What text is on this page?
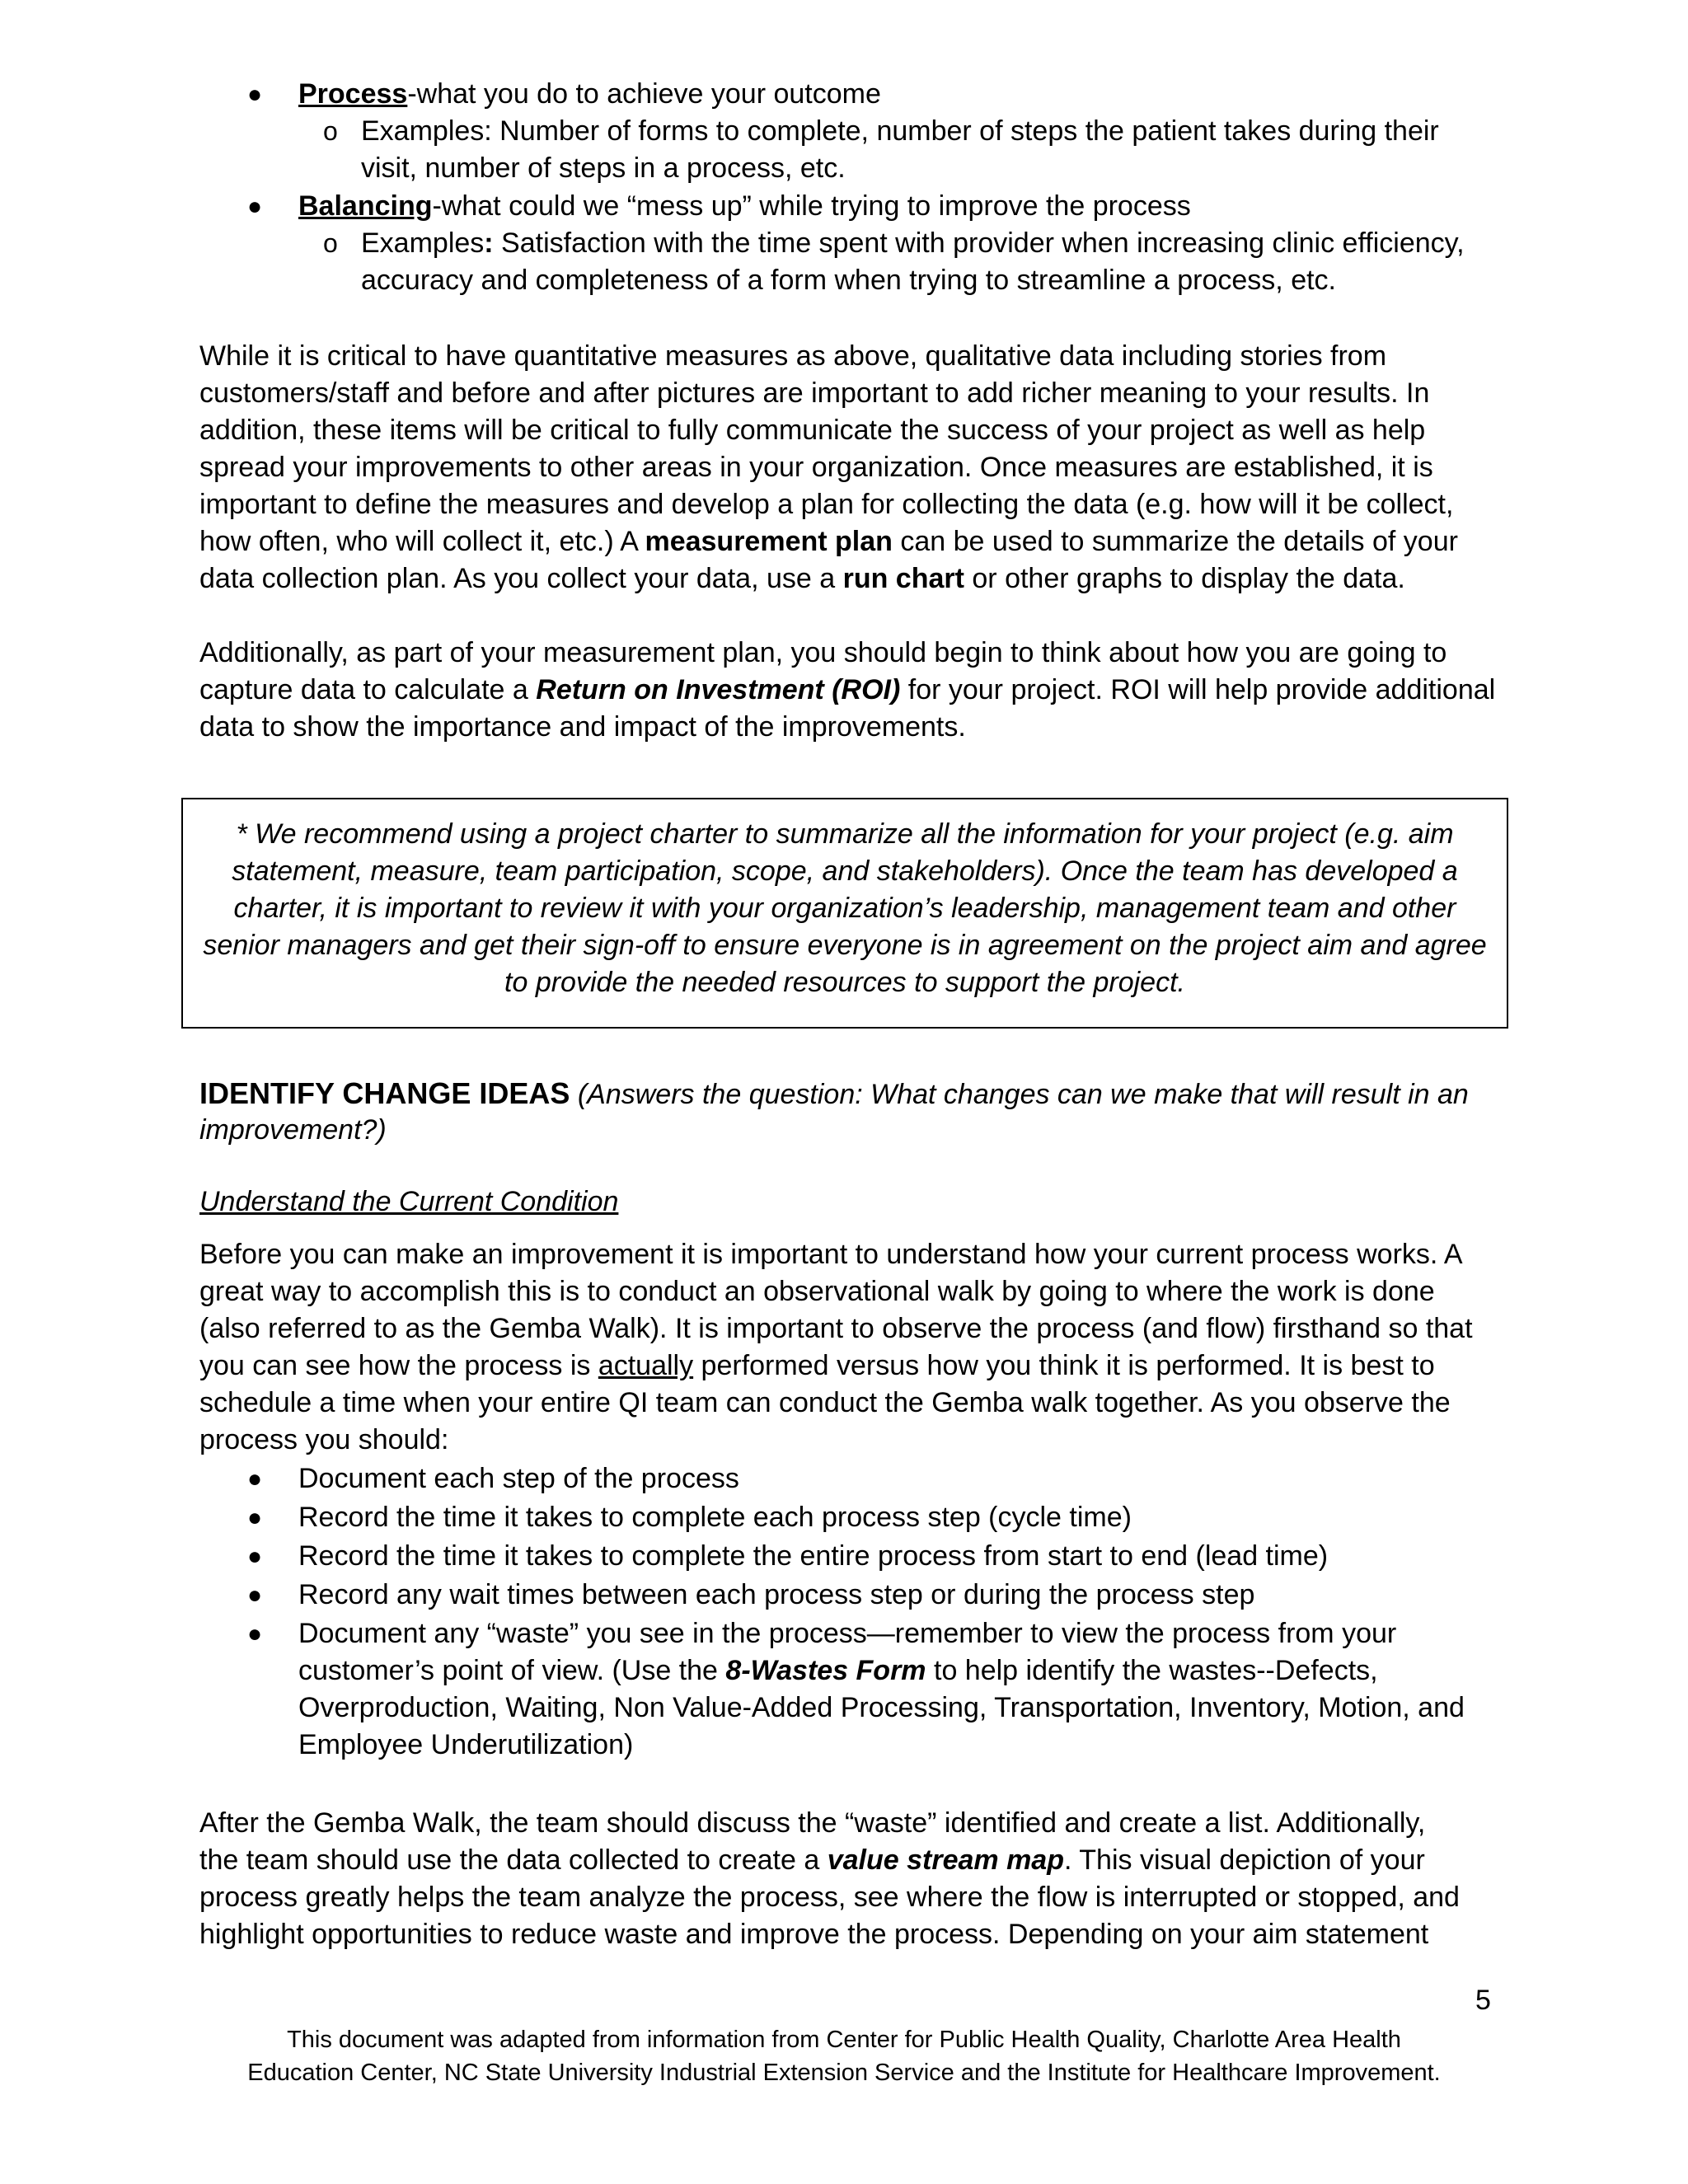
● Process-what you do to achieve your outcome
o Examples: Number of forms to complete, number of steps the patient takes during their
visit, number of steps in a process, etc.
● Balancing-what could we “mess up” while trying to improve the process
o Examples: Satisfaction with the time spent with provider when increasing clinic efficiency,
accuracy and completeness of a form when trying to streamline a process, etc.
While it is critical to have quantitative measures as above, qualitative data including stories from
customers/staff and before and after pictures are important to add richer meaning to your results. In
addition, these items will be critical to fully communicate the success of your project as well as help
spread your improvements to other areas in your organization. Once measures are established, it is
important to define the measures and develop a plan for collecting the data (e.g. how will it be collect,
how often, who will collect it, etc.) A measurement plan can be used to summarize the details of your
data collection plan. As you collect your data, use a run chart or other graphs to display the data.
Additionally, as part of your measurement plan, you should begin to think about how you are going to
capture data to calculate a Return on Investment (ROI) for your project. ROI will help provide additional
data to show the importance and impact of the improvements.
* We recommend using a project charter to summarize all the information for your project (e.g. aim
statement, measure, team participation, scope, and stakeholders). Once the team has developed a
charter, it is important to review it with your organization’s leadership, management team and other
senior managers and get their sign-off to ensure everyone is in agreement on the project aim and agree
to provide the needed resources to support the project.
IDENTIFY CHANGE IDEAS (Answers the question: What changes can we make that will result in an
improvement?)
Understand the Current Condition
Before you can make an improvement it is important to understand how your current process works. A
great way to accomplish this is to conduct an observational walk by going to where the work is done
(also referred to as the Gemba Walk). It is important to observe the process (and flow) firsthand so that
you can see how the process is actually performed versus how you think it is performed. It is best to
schedule a time when your entire QI team can conduct the Gemba walk together. As you observe the
process you should:
● Document each step of the process
● Record the time it takes to complete each process step (cycle time)
● Record the time it takes to complete the entire process from start to end (lead time)
● Record any wait times between each process step or during the process step
● Document any “waste” you see in the process—remember to view the process from your
customer’s point of view. (Use the 8-Wastes Form to help identify the wastes--Defects,
Overproduction, Waiting, Non Value-Added Processing, Transportation, Inventory, Motion, and
Employee Underutilization)
After the Gemba Walk, the team should discuss the “waste” identified and create a list. Additionally,
the team should use the data collected to create a value stream map. This visual depiction of your
process greatly helps the team analyze the process, see where the flow is interrupted or stopped, and
highlight opportunities to reduce waste and improve the process. Depending on your aim statement
5
This document was adapted from information from Center for Public Health Quality, Charlotte Area Health
Education Center, NC State University Industrial Extension Service and the Institute for Healthcare Improvement.
